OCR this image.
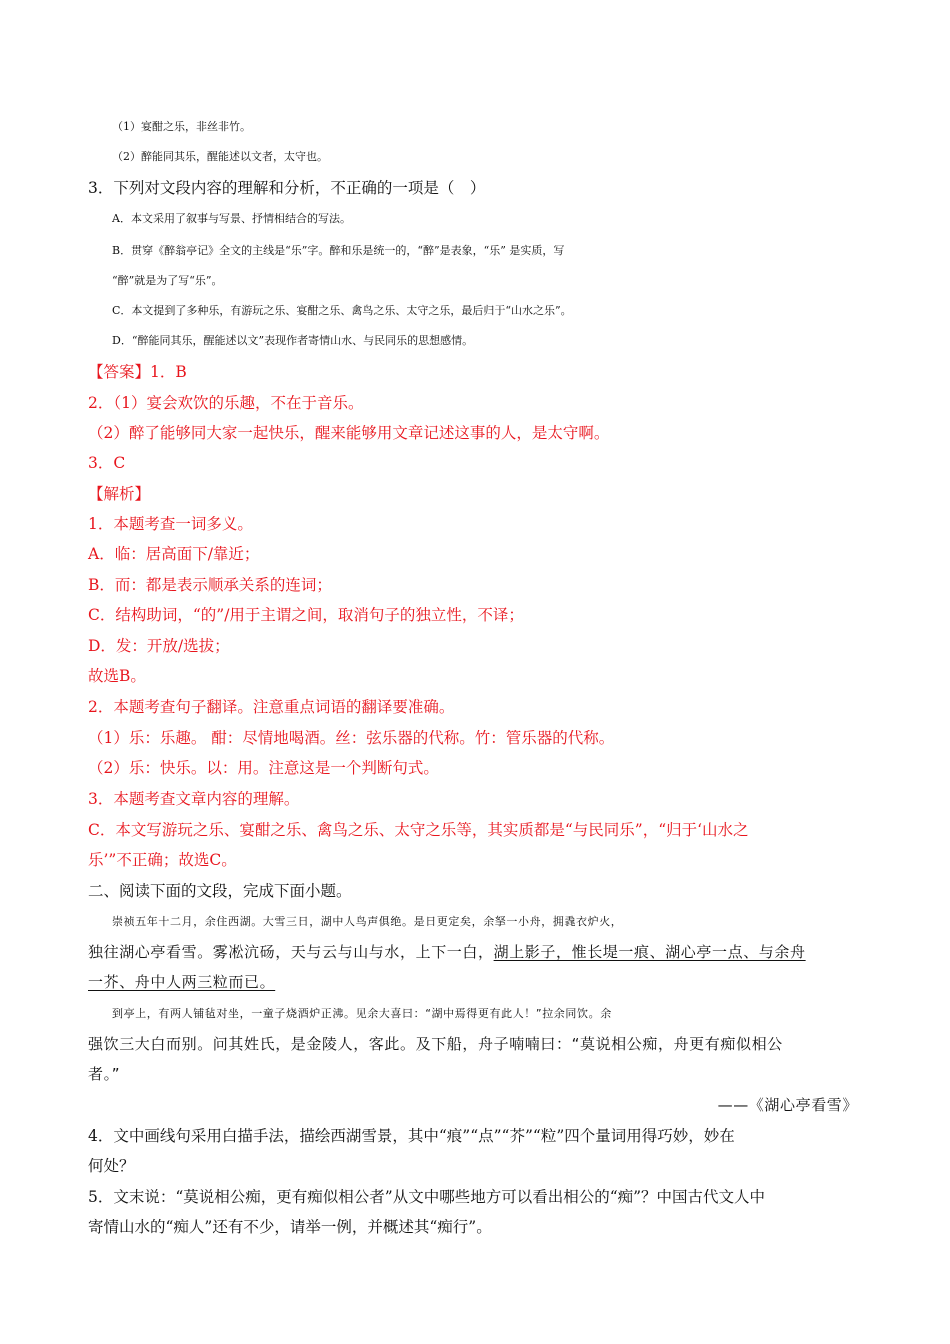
（1）宴酣之乐，非丝非竹。
（2）醉能同其乐，醒能述以文者，太守也。
3．下列对文段内容的理解和分析，不正确的一项是（　）
A．本文采用了叙事与写景、抒情相结合的写法。
B．贯穿《醉翁亭记》全文的主线是“乐”字。醉和乐是统一的，“醉”是表象，“乐” 是实质，写
“醉”就是为了写“乐”。
C．本文提到了多种乐，有游玩之乐、宴酣之乐、禽鸟之乐、太守之乐，最后归于“山水之乐”。
D．“醉能同其乐，醒能述以文”表现作者寄情山水、与民同乐的思想感情。
【答案】1．B
2．（1）宴会欢饮的乐趣，不在于音乐。
（2）醉了能够同大家一起快乐，醒来能够用文章记述这事的人，是太守啊。
3．C
【解析】
1．本题考查一词多义。
A．临：居高面下/靠近；
B．而：都是表示顺承关系的连词；
C．结构助词，“的”/用于主谓之间，取消句子的独立性，不译；
D．发：开放/选拔；
故选B。
2．本题考查句子翻译。注意重点词语的翻译要准确。
（1）乐：乐趣。 酣：尽情地喝酒。丝：弦乐器的代称。竹：管乐器的代称。
（2）乐：快乐。以：用。注意这是一个判断句式。
3．本题考查文章内容的理解。
C．本文写游玩之乐、宴酣之乐、禽鸟之乐、太守之乐等，其实质都是“与民同乐”，“归于‘山水之
乐’”不正确；故选C。
二、阅读下面的文段，完成下面小题。
崇祯五年十二月，余住西湖。大雪三日，湖中人鸟声俱绝。是日更定矣，余拏一小舟，拥毳衣炉火，
独往湖心亭看雪。雾凇沆砀，天与云与山与水，上下一白，湖上影子，惟长堤一痕、湖心亭一点、与余舟
一芥、舟中人两三粒而已。
到亭上，有两人铺毡对坐，一童子烧酒炉正沸。见余大喜曰：“湖中焉得更有此人！”拉余同饮。余
强饮三大白而别。问其姓氏，是金陵人，客此。及下船，舟子喃喃曰：“莫说相公痴，舟更有痴似相公
者。”
——《湖心亭看雪》
4．文中画线句采用白描手法，描绘西湖雪景，其中“痕”“点”“芥”“粒”四个量词用得巧妙，妙在
何处？
5．文末说：“莫说相公痴，更有痴似相公者”从文中哪些地方可以看出相公的“痴”？中国古代文人中
寄情山水的“痴人”还有不少，请举一例，并概述其“痴行”。
